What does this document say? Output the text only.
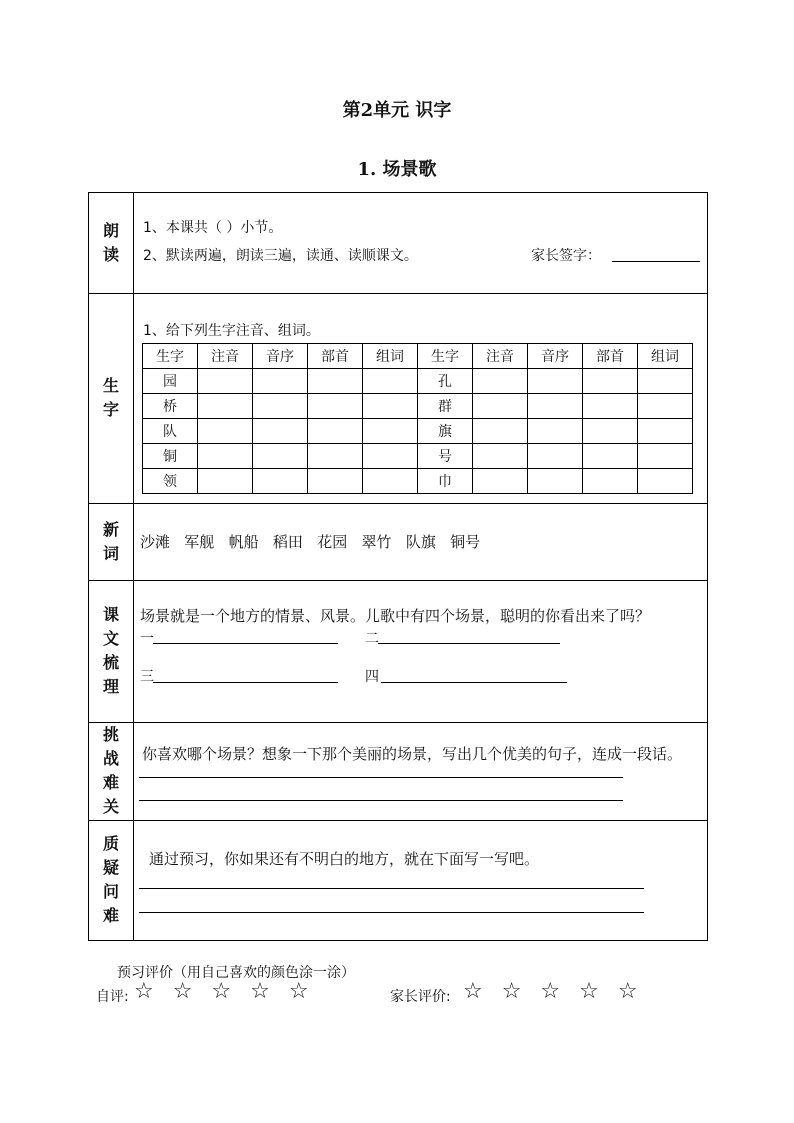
第2单元 识字
1. 场景歌
朗
读
1、本课共（ ）小节。
2、默读两遍，朗读三遍，读通、读顺课文。	家长签字：
生
字
1、给下列生字注音、组词。
新
词
沙滩   军舰   帆船   稻田   花园   翠竹   队旗   铜号
课
文
梳
理
场景就是一个地方的情景、风景。儿歌中有四个场景，聪明的你看出来了吗？
一	二
三	四
挑
战
难
关
你喜欢哪个场景？想象一下那个美丽的场景，写出几个优美的句子，连成一段话。
质
疑
问
难
通过预习，你如果还有不明白的地方，就在下面写一写吧。
生字	注音	音序	部首	组词	生字	注音	音序	部首	组词
园					孔				
桥					群				
队					旗				
铜					号				
领					巾				
预习评价（用自己喜欢的颜色涂一涂）
自评: ☆ ☆ ☆ ☆ ☆	家长评价: ☆ ☆ ☆ ☆ ☆
